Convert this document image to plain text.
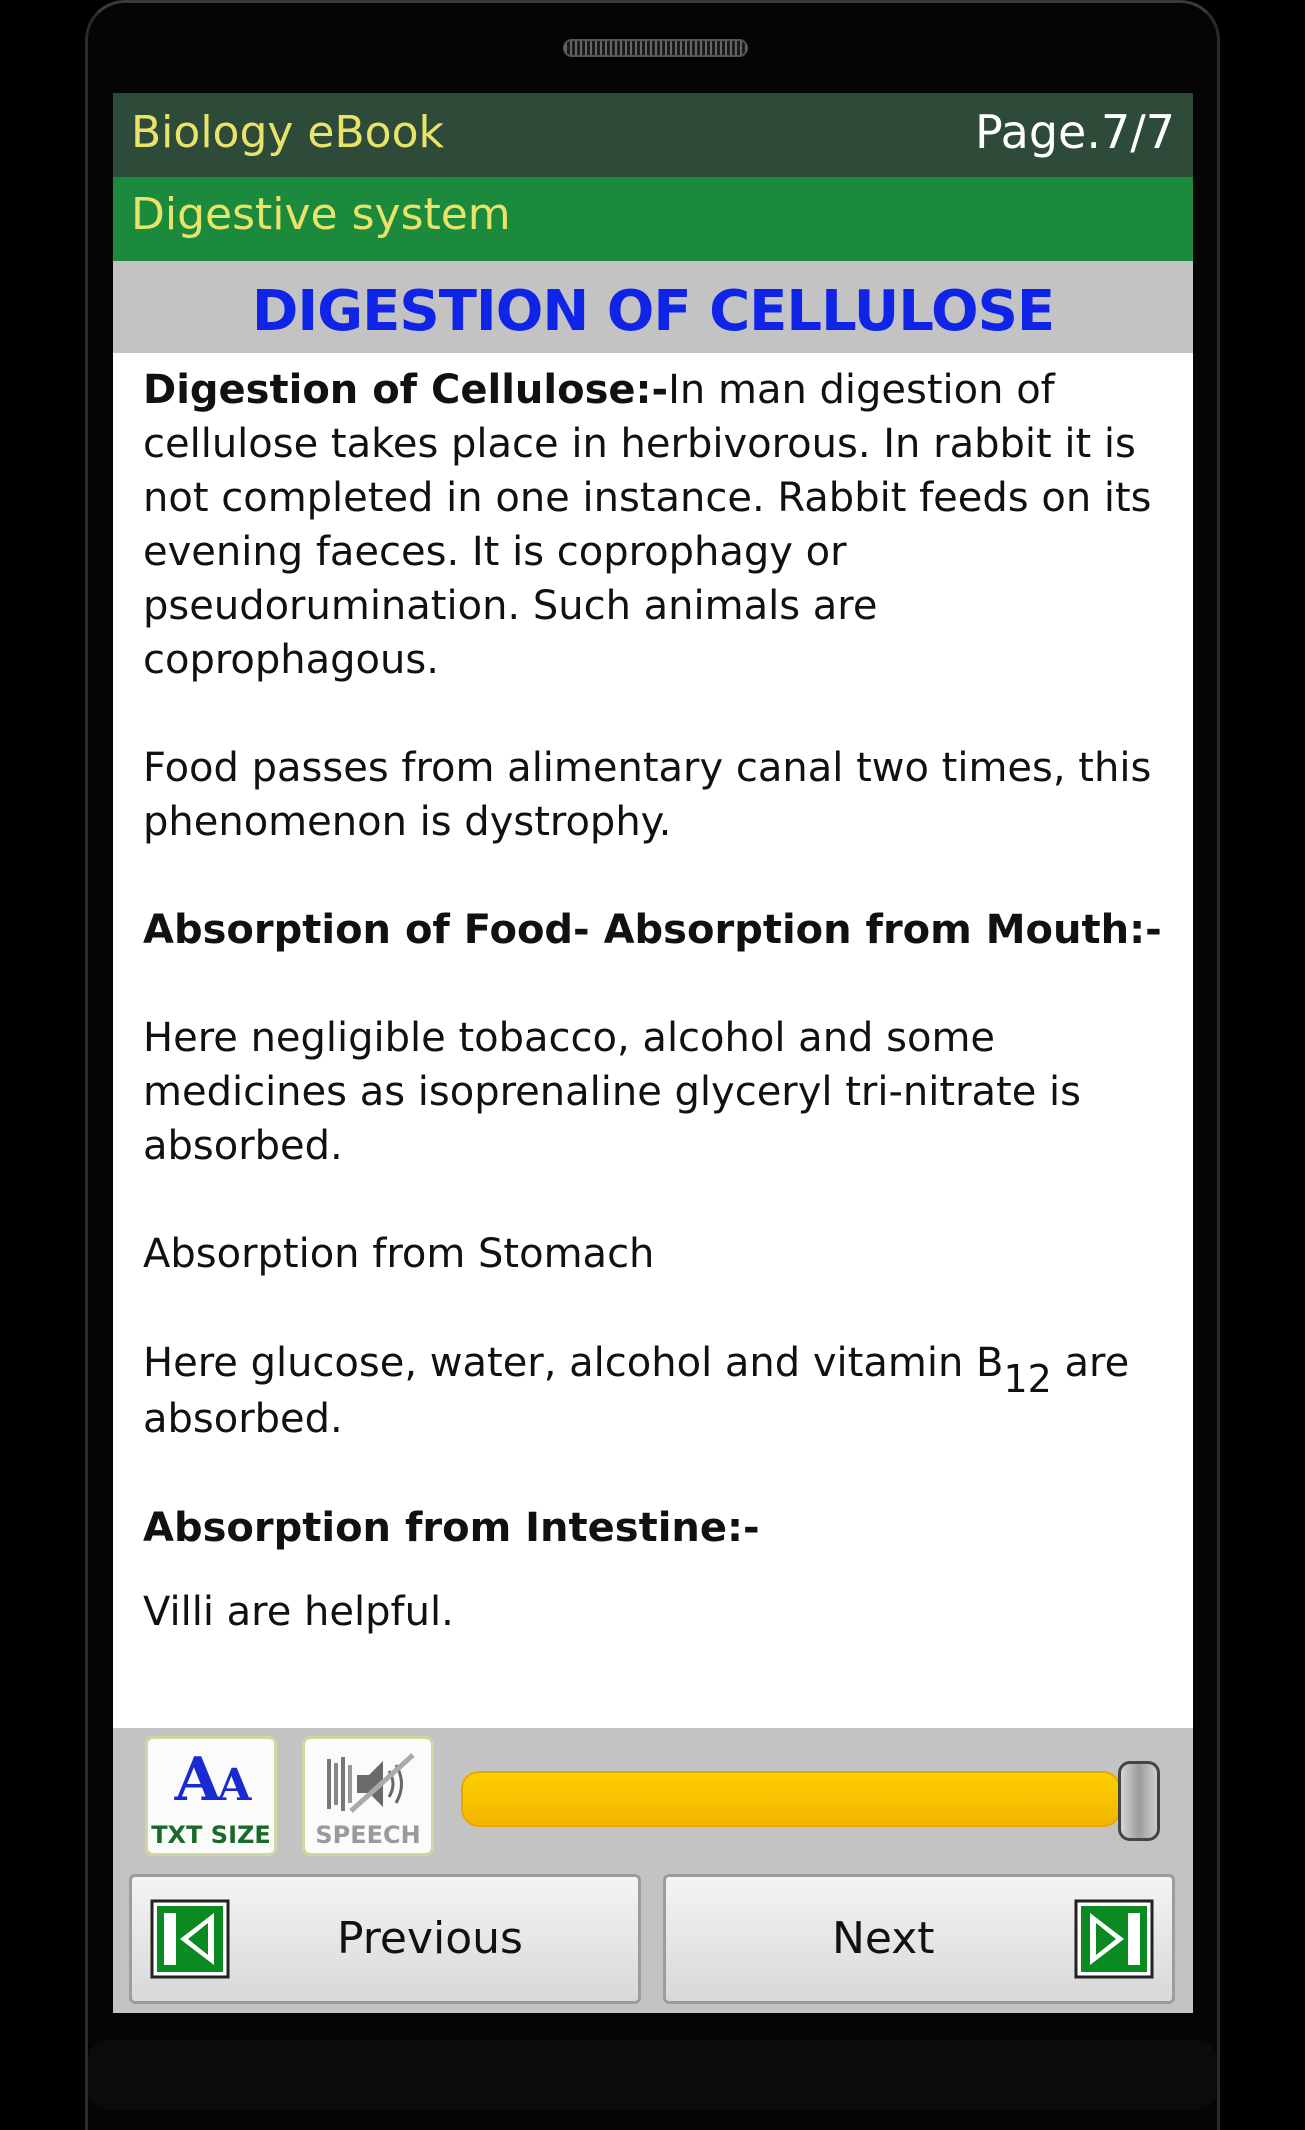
Biology eBook	Page.7/7
Digestive system
DIGESTION OF CELLULOSE

Digestion of Cellulose:-In man digestion of cellulose takes place in herbivorous. In rabbit it is not completed in one instance. Rabbit feeds on its evening faeces. It is coprophagy or pseudorumination. Such animals are coprophagous.

Food passes from alimentary canal two times, this phenomenon is dystrophy.

Absorption of Food- Absorption from Mouth:-

Here negligible tobacco, alcohol and some medicines as isoprenaline glyceryl tri-nitrate is absorbed.

Absorption from Stomach

Here glucose, water, alcohol and vitamin $B_{12}$ are absorbed.

Absorption from Intestine:-

Villi are helpful.

AA
TXT SIZE	SPEECH
Previous	Next
